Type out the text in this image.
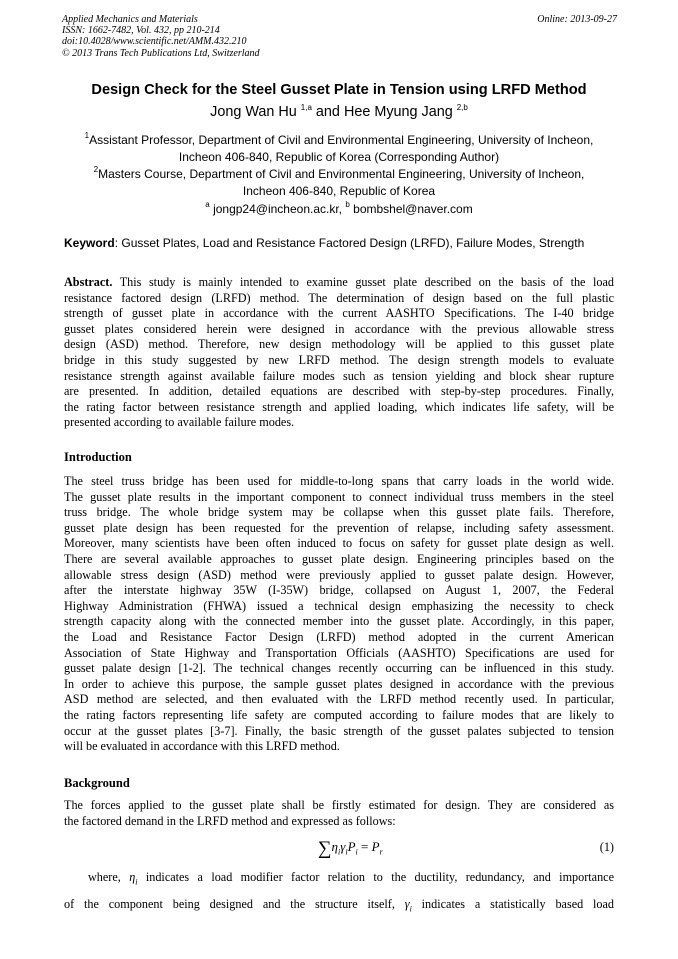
Applied Mechanics and Materials
ISSN: 1662-7482, Vol. 432, pp 210-214
doi:10.4028/www.scientific.net/AMM.432.210
© 2013 Trans Tech Publications Ltd, Switzerland
Online: 2013-09-27
Design Check for the Steel Gusset Plate in Tension using LRFD Method
Jong Wan Hu $^{1,a}$ and Hee Myung Jang $^{2,b}$
$^1$Assistant Professor, Department of Civil and Environmental Engineering, University of Incheon,
Incheon 406-840, Republic of Korea (Corresponding Author)
$^2$Masters Course, Department of Civil and Environmental Engineering, University of Incheon,
Incheon 406-840, Republic of Korea
$^a$ jongp24@incheon.ac.kr, $^b$ bombshel@naver.com
Keyword: Gusset Plates, Load and Resistance Factored Design (LRFD), Failure Modes, Strength
Abstract. This study is mainly intended to examine gusset plate described on the basis of the load
resistance factored design (LRFD) method. The determination of design based on the full plastic
strength of gusset plate in accordance with the current AASHTO Specifications. The I-40 bridge
gusset plates considered herein were designed in accordance with the previous allowable stress
design (ASD) method. Therefore, new design methodology will be applied to this gusset plate
bridge in this study suggested by new LRFD method. The design strength models to evaluate
resistance strength against available failure modes such as tension yielding and block shear rupture
are presented. In addition, detailed equations are described with step-by-step procedures. Finally,
the rating factor between resistance strength and applied loading, which indicates life safety, will be
presented according to available failure modes.
Introduction
The steel truss bridge has been used for middle-to-long spans that carry loads in the world wide.
The gusset plate results in the important component to connect individual truss members in the steel
truss bridge. The whole bridge system may be collapse when this gusset plate fails. Therefore,
gusset plate design has been requested for the prevention of relapse, including safety assessment.
Moreover, many scientists have been often induced to focus on safety for gusset plate design as well.
There are several available approaches to gusset plate design. Engineering principles based on the
allowable stress design (ASD) method were previously applied to gusset palate design. However,
after the interstate highway 35W (I-35W) bridge, collapsed on August 1, 2007, the Federal
Highway Administration (FHWA) issued a technical design emphasizing the necessity to check
strength capacity along with the connected member into the gusset plate. Accordingly, in this paper,
the Load and Resistance Factor Design (LRFD) method adopted in the current American
Association of State Highway and Transportation Officials (AASHTO) Specifications are used for
gusset palate design [1-2]. The technical changes recently occurring can be influenced in this study.
In order to achieve this purpose, the sample gusset plates designed in accordance with the previous
ASD method are selected, and then evaluated with the LRFD method recently used. In particular,
the rating factors representing life safety are computed according to failure modes that are likely to
occur at the gusset plates [3-7]. Finally, the basic strength of the gusset palates subjected to tension
will be evaluated in accordance with this LRFD method.
Background
The forces applied to the gusset plate shall be firstly estimated for design. They are considered as
the factored demand in the LRFD method and expressed as follows:
$\sum\eta_i\gamma_iP_i = P_r$	(1)
where, $\eta_i$ indicates a load modifier factor relation to the ductility, redundancy, and importance
of the component being designed and the structure itself, $\gamma_i$ indicates a statistically based load
